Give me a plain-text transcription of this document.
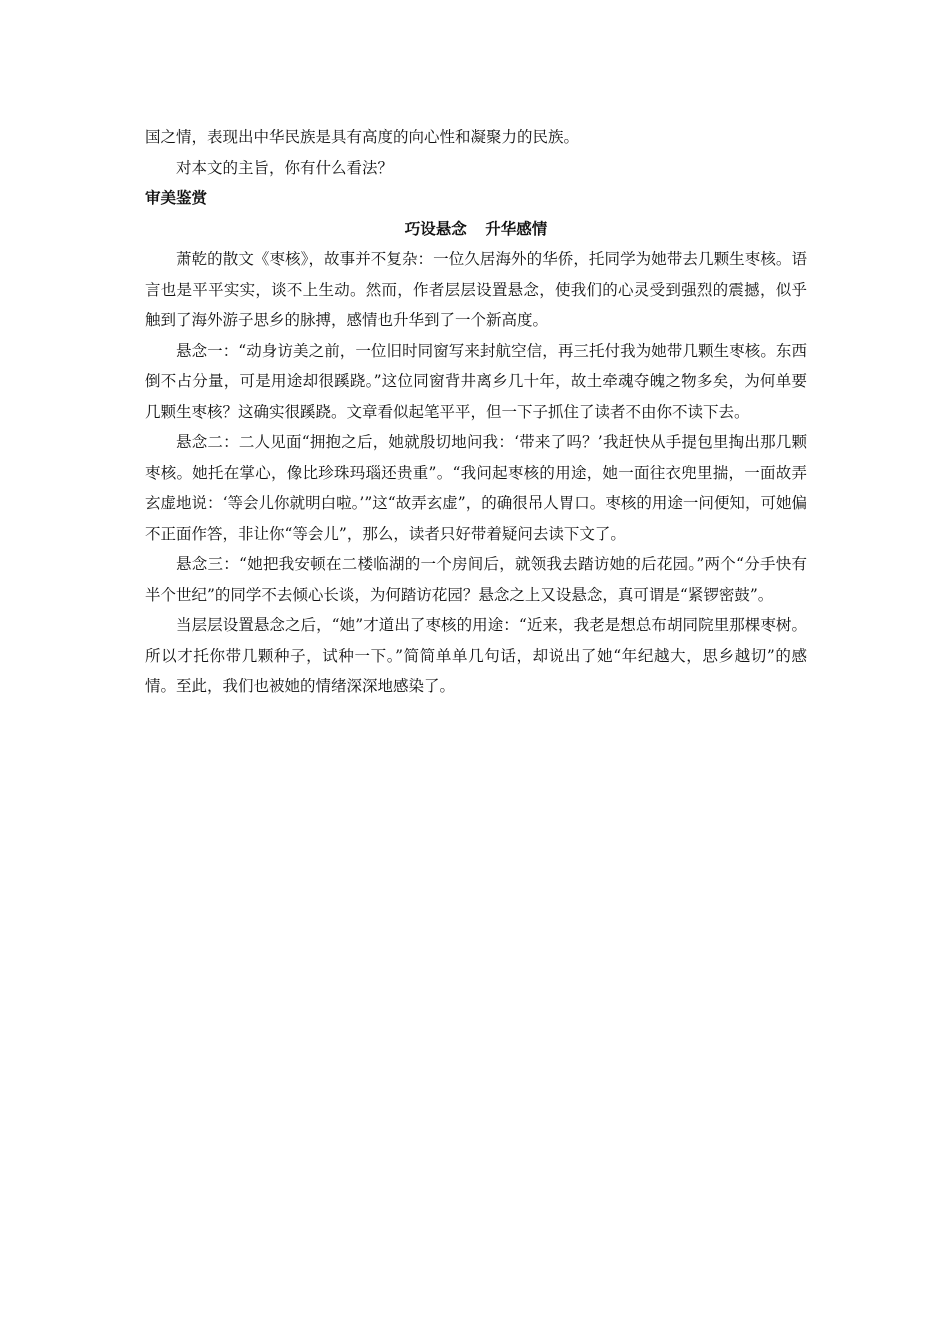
国之情，表现出中华民族是具有高度的向心性和凝聚力的民族。

对本文的主旨，你有什么看法？

审美鉴赏

巧设悬念 升华感情

萧乾的散文《枣核》，故事并不复杂：一位久居海外的华侨，托同学为她带去几颗生枣核。语言也是平平实实，谈不上生动。然而，作者层层设置悬念，使我们的心灵受到强烈的震撼，似乎触到了海外游子思乡的脉搏，感情也升华到了一个新高度。

悬念一：“动身访美之前，一位旧时同窗写来封航空信，再三托付我为她带几颗生枣核。东西倒不占分量，可是用途却很蹊跷。”这位同窗背井离乡几十年，故土牵魂夺魄之物多矣，为何单要几颗生枣核？这确实很蹊跷。文章看似起笔平平，但一下子抓住了读者不由你不读下去。

悬念二：二人见面“拥抱之后，她就殷切地问我：‘带来了吗？’我赶快从手提包里掏出那几颗枣核。她托在掌心，像比珍珠玛瑙还贵重”。“我问起枣核的用途，她一面往衣兜里揣，一面故弄玄虚地说：‘等会儿你就明白啦。’”这“故弄玄虚”，的确很吊人胃口。枣核的用途一问便知，可她偏不正面作答，非让你“等会儿”，那么，读者只好带着疑问去读下文了。

悬念三：“她把我安顿在二楼临湖的一个房间后，就领我去踏访她的后花园。”两个“分手快有半个世纪”的同学不去倾心长谈，为何踏访花园？悬念之上又设悬念，真可谓是“紧锣密鼓”。

当层层设置悬念之后，“她”才道出了枣核的用途：“近来，我老是想总布胡同院里那棵枣树。所以才托你带几颗种子，试种一下。”简简单单几句话，却说出了她“年纪越大，思乡越切”的感情。至此，我们也被她的情绪深深地感染了。
